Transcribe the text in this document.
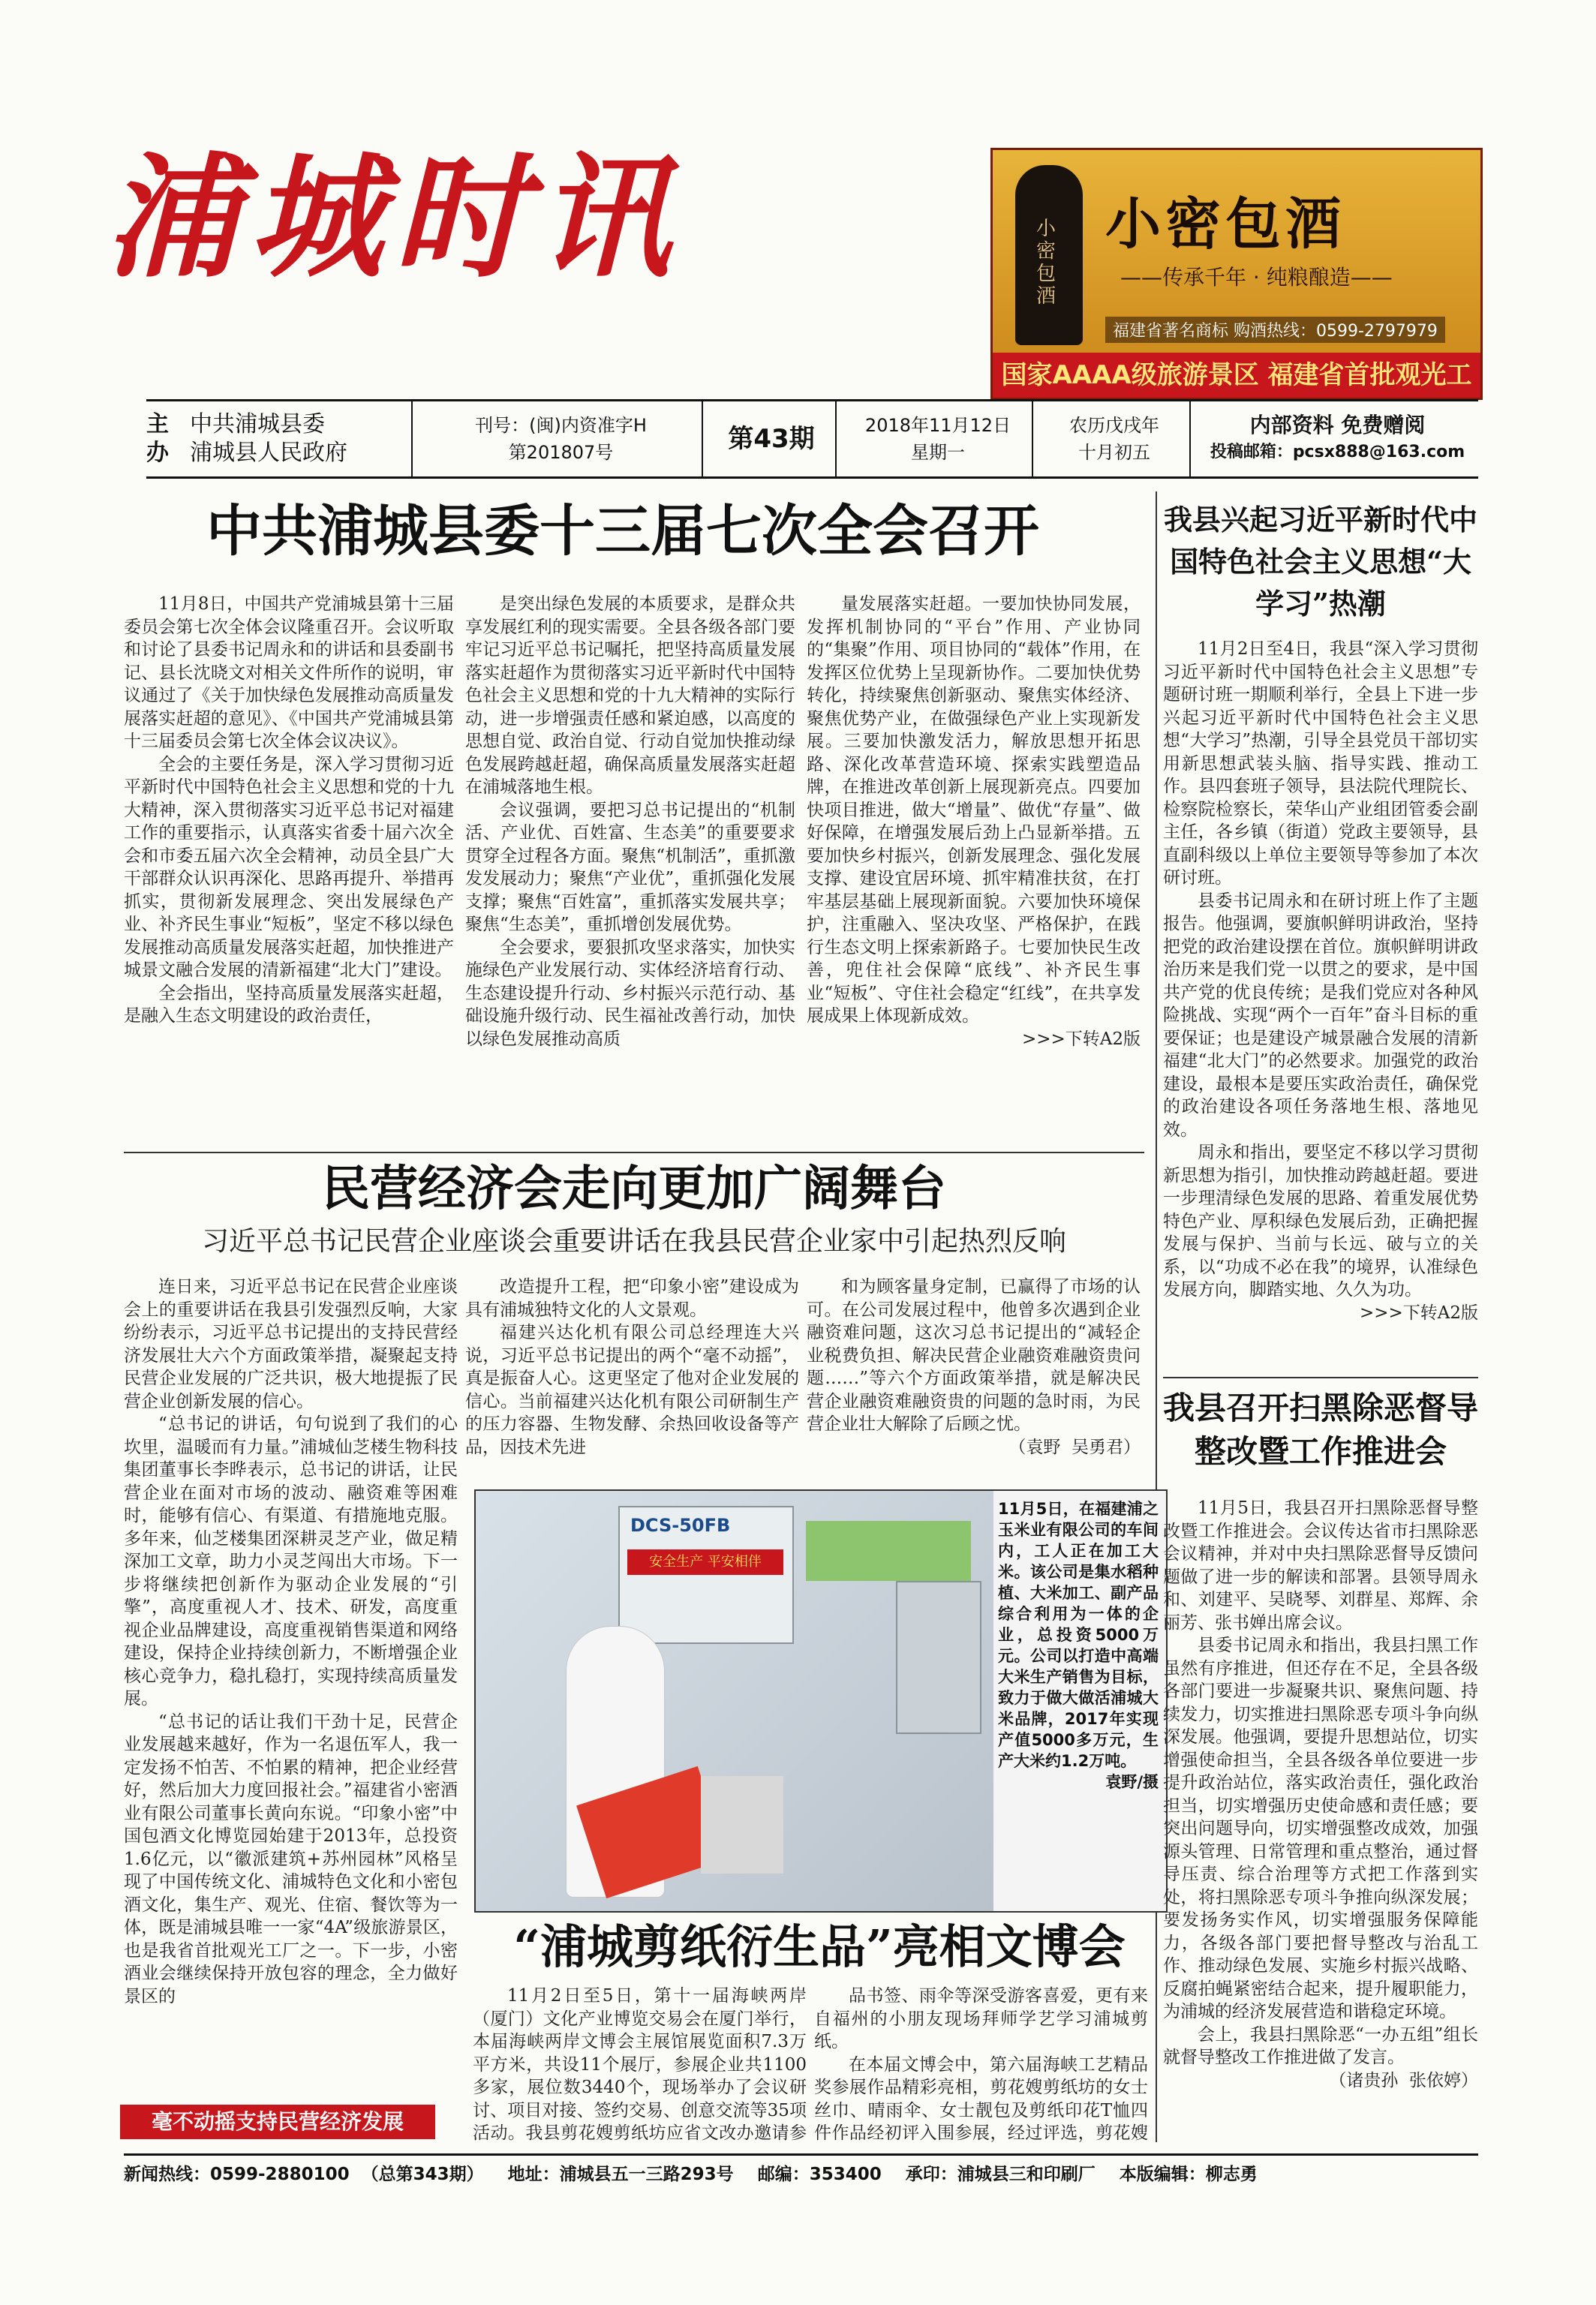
浦城时讯	小密包酒
小密包酒
——传承千年 · 纯粮酿造——
福建省著名商标 购酒热线：0599-2797979
国家AAAA级旅游景区 福建省首批观光工
主
办
中共浦城县委
浦城县人民政府
刊号：(闽)内资准字H
第201807号	第43期	2018年11月12日
星期一
农历戊戌年
十月初五
内部资料 免费赠阅
投稿邮箱：pcsx888@163.com
中共浦城县委十三届七次全会召开

11月8日，中国共产党浦城县第十三届委员会第七次全体会议隆重召开。会议听取和讨论了县委书记周永和的讲话和县委副书记、县长沈晓文对相关文件所作的说明，审议通过了《关于加快绿色发展推动高质量发展落实赶超的意见》、《中国共产党浦城县第十三届委员会第七次全体会议决议》。

全会的主要任务是，深入学习贯彻习近平新时代中国特色社会主义思想和党的十九大精神，深入贯彻落实习近平总书记对福建工作的重要指示，认真落实省委十届六次全会和市委五届六次全会精神，动员全县广大干部群众认识再深化、思路再提升、举措再抓实，贯彻新发展理念、突出发展绿色产业、补齐民生事业“短板”，坚定不移以绿色发展推动高质量发展落实赶超，加快推进产城景文融合发展的清新福建“北大门”建设。

全会指出，坚持高质量发展落实赶超，是融入生态文明建设的政治责任，

是突出绿色发展的本质要求，是群众共享发展红利的现实需要。全县各级各部门要牢记习近平总书记嘱托，把坚持高质量发展落实赶超作为贯彻落实习近平新时代中国特色社会主义思想和党的十九大精神的实际行动，进一步增强责任感和紧迫感，以高度的思想自觉、政治自觉、行动自觉加快推动绿色发展跨越赶超，确保高质量发展落实赶超在浦城落地生根。

会议强调，要把习总书记提出的“机制活、产业优、百姓富、生态美”的重要要求贯穿全过程各方面。聚焦“机制活”，重抓激发发展动力；聚焦“产业优”，重抓强化发展支撑；聚焦“百姓富”，重抓落实发展共享；聚焦“生态美”，重抓增创发展优势。

全会要求，要狠抓攻坚求落实，加快实施绿色产业发展行动、实体经济培育行动、生态建设提升行动、乡村振兴示范行动、基础设施升级行动、民生福祉改善行动，加快以绿色发展推动高质

量发展落实赶超。一要加快协同发展，发挥机制协同的“平台”作用、产业协同的“集聚”作用、项目协同的“载体”作用，在发挥区位优势上呈现新协作。二要加快优势转化，持续聚焦创新驱动、聚焦实体经济、聚焦优势产业，在做强绿色产业上实现新发展。三要加快激发活力，解放思想开拓思路、深化改革营造环境、探索实践塑造品牌，在推进改革创新上展现新亮点。四要加快项目推进，做大“增量”、做优“存量”、做好保障，在增强发展后劲上凸显新举措。五要加快乡村振兴，创新发展理念、强化发展支撑、建设宜居环境、抓牢精准扶贫，在打牢基层基础上展现新面貌。六要加快环境保护，注重融入、坚决攻坚、严格保护，在践行生态文明上探索新路子。七要加快民生改善，兜住社会保障“底线”、补齐民生事业“短板”、守住社会稳定“红线”，在共享发展成果上体现新成效。

>>>下转A2版

民营经济会走向更加广阔舞台
习近平总书记民营企业座谈会重要讲话在我县民营企业家中引起热烈反响

连日来，习近平总书记在民营企业座谈会上的重要讲话在我县引发强烈反响，大家纷纷表示，习近平总书记提出的支持民营经济发展壮大六个方面政策举措，凝聚起支持民营企业发展的广泛共识，极大地提振了民营企业创新发展的信心。

“总书记的讲话，句句说到了我们的心坎里，温暖而有力量。”浦城仙芝楼生物科技集团董事长李晔表示，总书记的讲话，让民营企业在面对市场的波动、融资难等困难时，能够有信心、有渠道、有措施地克服。多年来，仙芝楼集团深耕灵芝产业，做足精深加工文章，助力小灵芝闯出大市场。下一步将继续把创新作为驱动企业发展的“引擎”，高度重视人才、技术、研发，高度重视企业品牌建设，高度重视销售渠道和网络建设，保持企业持续创新力，不断增强企业核心竞争力，稳扎稳打，实现持续高质量发展。

“总书记的话让我们干劲十足，民营企业发展越来越好，作为一名退伍军人，我一定发扬不怕苦、不怕累的精神，把企业经营好，然后加大力度回报社会。”福建省小密酒业有限公司董事长黄向东说。“印象小密”中国包酒文化博览园始建于2013年，总投资1.6亿元，以“徽派建筑+苏州园林”风格呈现了中国传统文化、浦城特色文化和小密包酒文化，集生产、观光、住宿、餐饮等为一体，既是浦城县唯一一家“4A”级旅游景区，也是我省首批观光工厂之一。下一步，小密酒业会继续保持开放包容的理念，全力做好景区的

改造提升工程，把“印象小密”建设成为具有浦城独特文化的人文景观。

福建兴达化机有限公司总经理连大兴说，习近平总书记提出的两个“毫不动摇”，真是振奋人心。这更坚定了他对企业发展的信心。当前福建兴达化机有限公司研制生产的压力容器、生物发酵、余热回收设备等产品，因技术先进

和为顾客量身定制，已赢得了市场的认可。在公司发展过程中，他曾多次遇到企业融资难问题，这次习总书记提出的“减轻企业税费负担、解决民营企业融资难融资贵问题……”等六个方面政策举措，就是解决民营企业融资难融资贵的问题的急时雨，为民营企业壮大解除了后顾之忧。

（袁野  吴勇君）

DCS-50FB
安全生产 平安相伴
11月5日，在福建浦之玉米业有限公司的车间内，工人正在加工大米。该公司是集水稻种植、大米加工、副产品综合利用为一体的企业，总投资5000万元。公司以打造中高端大米生产销售为目标，致力于做大做活浦城大米品牌，2017年实现产值5000多万元，生产大米约1.2万吨。
袁野/摄
“浦城剪纸衍生品”亮相文博会

11月2日至5日，第十一届海峡两岸（厦门）文化产业博览交易会在厦门举行，本届海峡两岸文博会主展馆展览面积7.3万平方米，共设11个展厅，参展企业共1100多家，展位数3440个，现场举办了会议研讨、项目对接、签约交易、创意交流等35项活动。我县剪花嫂剪纸坊应省文改办邀请参

品书签、雨伞等深受游客喜爱，更有来自福州的小朋友现场拜师学艺学习浦城剪纸。

在本届文博会中，第六届海峡工艺精品奖参展作品精彩亮相，剪花嫂剪纸坊的女士丝巾、晴雨伞、女士靓包及剪纸印花T恤四件作品经初评入围参展，经过评选，剪花嫂

毫不动摇支持民营经济发展
我县兴起习近平新时代中国特色社会主义思想“大学习”热潮

11月2日至4日，我县“深入学习贯彻习近平新时代中国特色社会主义思想”专题研讨班一期顺利举行，全县上下进一步兴起习近平新时代中国特色社会主义思想“大学习”热潮，引导全县党员干部切实用新思想武装头脑、指导实践、推动工作。县四套班子领导，县法院代理院长、检察院检察长，荣华山产业组团管委会副主任，各乡镇（街道）党政主要领导，县直副科级以上单位主要领导等参加了本次研讨班。

县委书记周永和在研讨班上作了主题报告。他强调，要旗帜鲜明讲政治，坚持把党的政治建设摆在首位。旗帜鲜明讲政治历来是我们党一以贯之的要求，是中国共产党的优良传统；是我们党应对各种风险挑战、实现“两个一百年”奋斗目标的重要保证；也是建设产城景融合发展的清新福建“北大门”的必然要求。加强党的政治建设，最根本是要压实政治责任，确保党的政治建设各项任务落地生根、落地见效。

周永和指出，要坚定不移以学习贯彻新思想为指引，加快推动跨越赶超。要进一步理清绿色发展的思路、着重发展优势特色产业、厚积绿色发展后劲，正确把握发展与保护、当前与长远、破与立的关系，以“功成不必在我”的境界，认准绿色发展方向，脚踏实地、久久为功。

>>>下转A2版

我县召开扫黑除恶督导
整改暨工作推进会

11月5日，我县召开扫黑除恶督导整改暨工作推进会。会议传达省市扫黑除恶会议精神，并对中央扫黑除恶督导反馈问题做了进一步的解读和部署。县领导周永和、刘建平、吴晓琴、刘群星、郑辉、余丽芳、张书婵出席会议。

县委书记周永和指出，我县扫黑工作虽然有序推进，但还存在不足，全县各级各部门要进一步凝聚共识、聚焦问题、持续发力，切实推进扫黑除恶专项斗争向纵深发展。他强调，要提升思想站位，切实增强使命担当，全县各级各单位要进一步提升政治站位，落实政治责任，强化政治担当，切实增强历史使命感和责任感；要突出问题导向，切实增强整改成效，加强源头管理、日常管理和重点整治，通过督导压责、综合治理等方式把工作落到实处，将扫黑除恶专项斗争推向纵深发展；要发扬务实作风，切实增强服务保障能力，各级各部门要把督导整改与治乱工作、推动绿色发展、实施乡村振兴战略、反腐拍蝇紧密结合起来，提升履职能力，为浦城的经济发展营造和谐稳定环境。

会上，我县扫黑除恶“一办五组”组长就督导整改工作推进做了发言。

（诸贵孙  张依婷）

新闻热线：0599-2880100 （总第343期） 地址：浦城县五一三路293号 邮编：353400 承印：浦城县三和印刷厂 本版编辑：柳志勇
